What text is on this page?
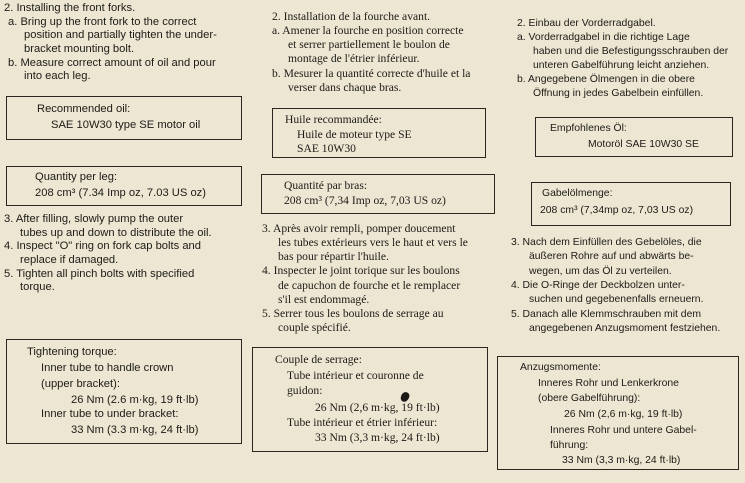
2. Installing the front forks.
a. Bring up the front fork to the correct
position and partially tighten the under-
bracket mounting bolt.
b. Measure correct amount of oil and pour
into each leg.
Recommended oil:
SAE 10W30 type SE motor oil
Quantity per leg:
208 cm³ (7.34 Imp oz, 7.03 US oz)
3. After filling, slowly pump the outer
tubes up and down to distribute the oil.
4. Inspect "O" ring on fork cap bolts and
replace if damaged.
5. Tighten all pinch bolts with specified
torque.
Tightening torque:
Inner tube to handle crown
(upper bracket):
26 Nm (2.6 m·kg, 19 ft·lb)
Inner tube to under bracket:
33 Nm (3.3 m·kg, 24 ft·lb)
2. Installation de la fourche avant.
a. Amener la fourche en position correcte
et serrer partiellement le boulon de
montage de l'étrier inférieur.
b. Mesurer la quantité correcte d'huile et la
verser dans chaque bras.
Huile recommandée:
Huile de moteur type SE
SAE 10W30
Quantité par bras:
208 cm³ (7,34 Imp oz, 7,03 US oz)
3. Après avoir rempli, pomper doucement
les tubes extérieurs vers le haut et vers le
bas pour répartir l'huile.
4. Inspecter le joint torique sur les boulons
de capuchon de fourche et le remplacer
s'il est endommagé.
5. Serrer tous les boulons de serrage au
couple spécifié.
Couple de serrage:
Tube intérieur et couronne de
guidon:
26 Nm (2,6 m·kg, 19 ft·lb)
Tube intérieur et étrier inférieur:
33 Nm (3,3 m·kg, 24 ft·lb)
2. Einbau der Vorderradgabel.
a. Vorderradgabel in die richtige Lage
haben und die Befestigungsschrauben der
unteren Gabelführung leicht anziehen.
b. Angegebene Ölmengen in die obere
Öffnung in jedes Gabelbein einfüllen.
Empfohlenes Öl:
Motoröl SAE 10W30 SE
Gabelölmenge:
208 cm³ (7,34mp oz, 7,03 US oz)
3. Nach dem Einfüllen des Gebelöles, die
äußeren Rohre auf und abwärts be-
wegen, um das Öl zu verteilen.
4. Die O-Ringe der Deckbolzen unter-
suchen und gegebenenfalls erneuern.
5. Danach alle Klemmschrauben mit dem
angegebenen Anzugsmoment festziehen.
Anzugsmomente:
Inneres Rohr und Lenkerkrone
(obere Gabelführung):
26 Nm (2,6 m·kg, 19 ft·lb)
Inneres Rohr und untere Gabel-
führung:
33 Nm (3,3 m·kg, 24 ft·lb)
